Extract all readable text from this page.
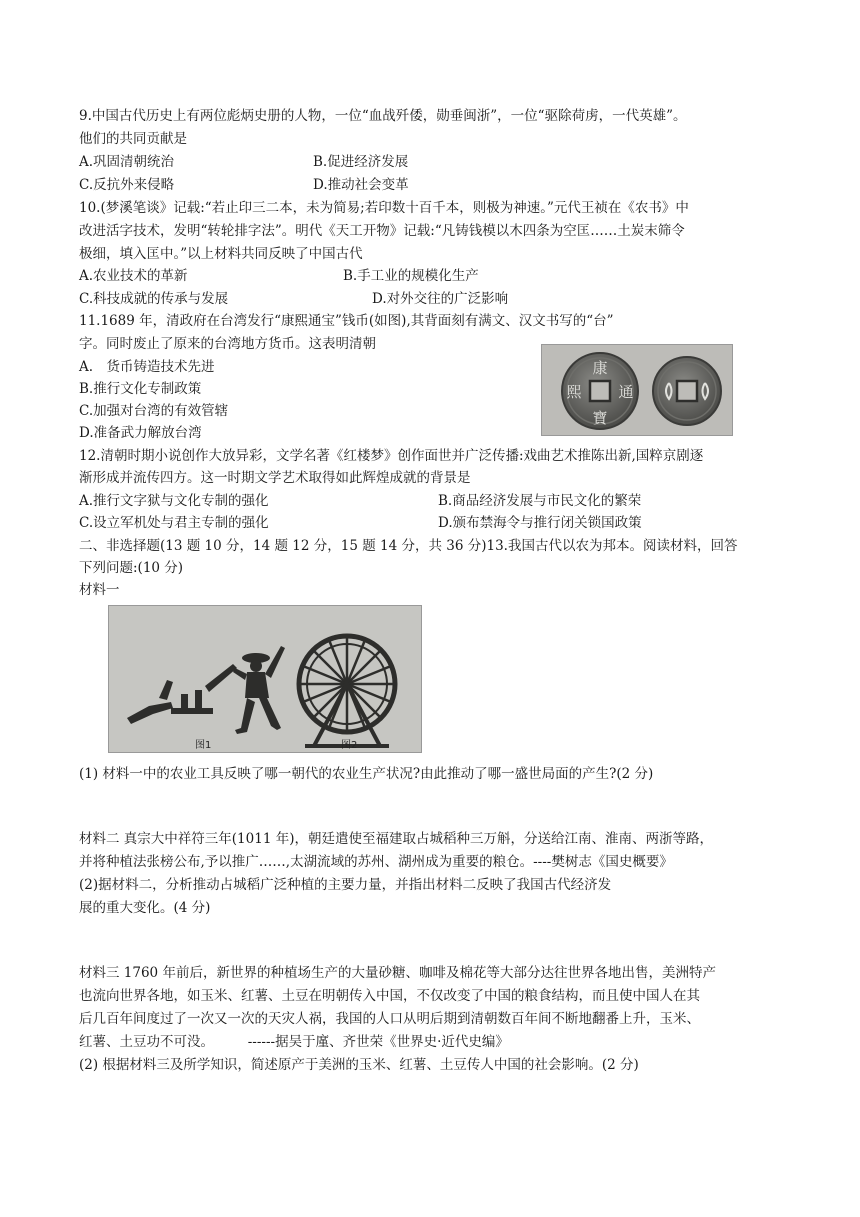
9.中国古代历史上有两位彪炳史册的人物，一位“血战歼倭，勋垂闽浙”，一位“驱除荷虏，一代英雄”。
他们的共同贡献是
A.巩固清朝统治	B.促进经济发展
C.反抗外来侵略	D.推动社会变革
10.(梦溪笔谈》记载:“若止印三二本，未为简易;若印数十百千本，则极为神速。”元代王祯在《农书》中
改进活字技术，发明“转轮排字法”。明代《天工开物》记载:“凡铸钱模以木四条为空匡……土炭末筛令
极细，填入匡中。”以上材料共同反映了中国古代
A.农业技术的革新	B.手工业的规模化生产
C.科技成就的传承与发展	D.对外交往的广泛影响
11.1689 年，清政府在台湾发行“康熙通宝”钱币(如图),其背面刻有满文、汉文书写的“台”
字。同时废止了原来的台湾地方货币。这表明清朝
A.　货币铸造技术先进
B.推行文化专制政策
C.加强对台湾的有效管辖
D.准备武力解放台湾
康
通
熙
寶
12.清朝时期小说创作大放异彩，文学名著《红楼梦》创作面世并广泛传播:戏曲艺术推陈出新,国粹京剧逐
渐形成并流传四方。这一时期文学艺术取得如此辉煌成就的背景是
A.推行文字狱与文化专制的强化	B.商品经济发展与市民文化的繁荣
C.设立军机处与君主专制的强化	D.颁布禁海令与推行闭关锁国政策
二、非选择题(13 题 10 分，14 题 12 分，15 题 14 分，共 36 分)13.我国古代以农为邦本。阅读材料，回答
下列问题:(10 分)
材料一
图1	图2
(1) 材料一中的农业工具反映了哪一朝代的农业生产状况?由此推动了哪一盛世局面的产生?(2 分)
材料二 真宗大中祥符三年(1011 年)，朝廷遣使至福建取占城稻种三万斛，分送给江南、淮南、两浙等路，
并将种植法张榜公布,予以推广……,太湖流域的苏州、湖州成为重要的粮仓。----樊树志《国史概要》
(2)据材料二，分析推动占城稻广泛种植的主要力量，并指出材料二反映了我国古代经济发
展的重大变化。(4 分)
材料三 1760 年前后，新世界的种植场生产的大量砂糖、咖啡及棉花等大部分达往世界各地出售，美洲特产
也流向世界各地，如玉米、红薯、土豆在明朝传入中国，不仅改变了中国的粮食结构，而且使中国人在其
后几百年间度过了一次又一次的天灾人祸，我国的人口从明后期到清朝数百年间不断地翻番上升，玉米、
红薯、土豆功不可没。　　　------据吴于廑、齐世荣《世界史·近代史编》
(2) 根据材料三及所学知识，简述原产于美洲的玉米、红薯、土豆传人中国的社会影响。(2 分)
